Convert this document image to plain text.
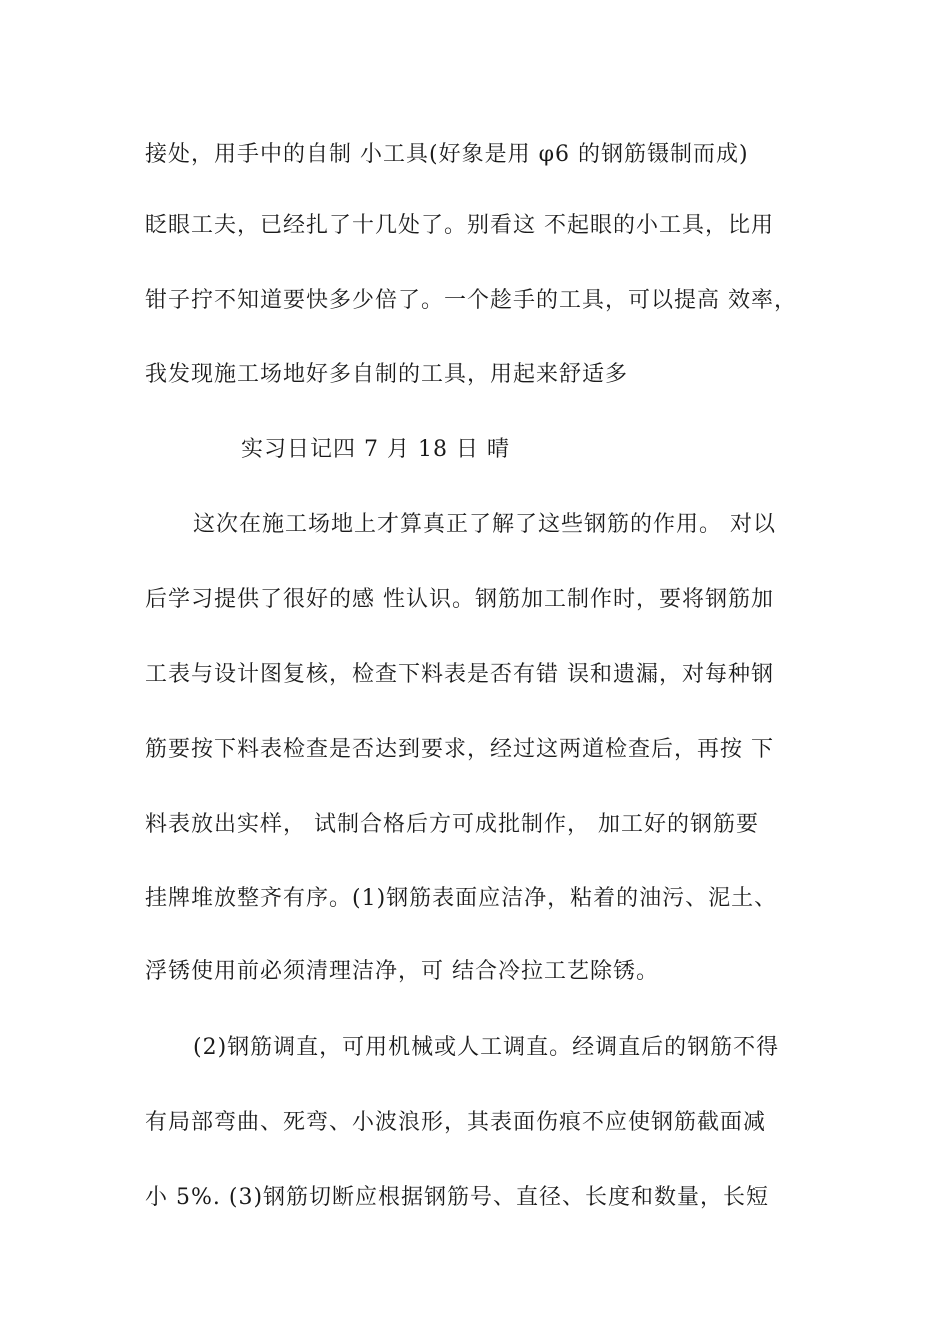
接处，用手中的自制 小工具(好象是用 φ6 的钢筋镊制而成)
眨眼工夫，已经扎了十几处了。别看这 不起眼的小工具，比用
钳子拧不知道要快多少倍了。一个趁手的工具，可以提高 效率，
我发现施工场地好多自制的工具，用起来舒适多
实习日记四 7 月 18 日 晴
这次在施工场地上才算真正了解了这些钢筋的作用。 对以
后学习提供了很好的感 性认识。钢筋加工制作时，要将钢筋加
工表与设计图复核，检查下料表是否有错 误和遗漏，对每种钢
筋要按下料表检查是否达到要求，经过这两道检查后，再按 下
料表放出实样， 试制合格后方可成批制作， 加工好的钢筋要
挂牌堆放整齐有序。(1)钢筋表面应洁净，粘着的油污、泥土、
浮锈使用前必须清理洁净，可 结合冷拉工艺除锈。
(2)钢筋调直，可用机械或人工调直。经调直后的钢筋不得
有局部弯曲、死弯、小波浪形，其表面伤痕不应使钢筋截面减
小 5%. (3)钢筋切断应根据钢筋号、直径、长度和数量，长短
